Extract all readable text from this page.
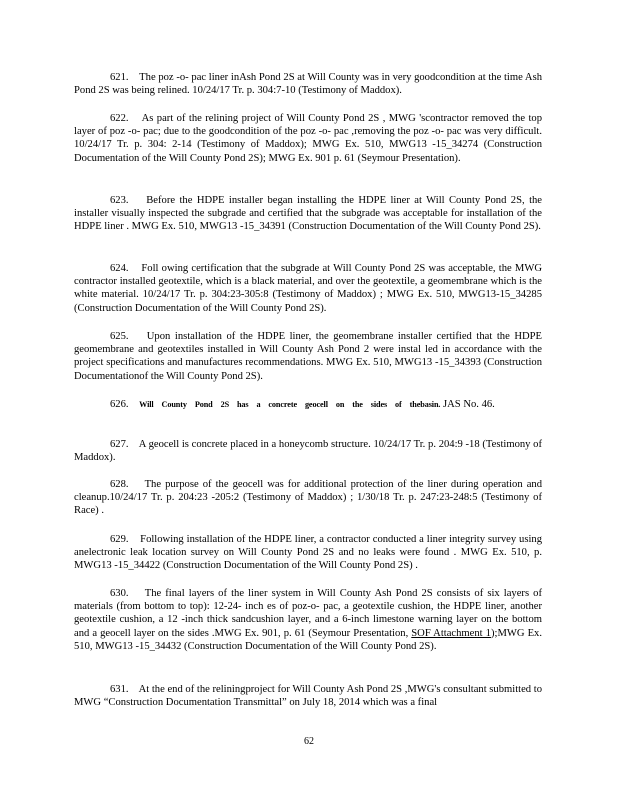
621. The poz -o- pac liner inAsh Pond 2S at Will County was in very goodcondition at the time Ash Pond 2S was being relined. 10/24/17 Tr. p. 304:7-10 (Testimony of Maddox).

622. As part of the relining project of Will County Pond 2S , MWG 'scontractor removed the top layer of poz -o- pac; due to the goodcondition of the poz -o- pac ,removing the poz -o- pac was very difficult. 10/24/17 Tr. p. 304: 2-14 (Testimony of Maddox); MWG Ex. 510, MWG13 -15_34274 (Construction Documentation of the Will County Pond 2S); MWG Ex. 901 p. 61 (Seymour Presentation).

623. Before the HDPE installer began installing the HDPE liner at Will County Pond 2S, the installer visually inspected the subgrade and certified that the subgrade was acceptable for installation of the HDPE liner . MWG Ex. 510, MWG13 -15_34391 (Construction Documentation of the Will County Pond 2S).

624. Foll owing certification that the subgrade at Will County Pond 2S was acceptable, the MWG contractor installed geotextile, which is a black material, and over the geotextile, a geomembrane which is the white material. 10/24/17 Tr. p. 304:23-305:8 (Testimony of Maddox) ; MWG Ex. 510, MWG13-15_34285 (Construction Documentation of the Will County Pond 2S).

625. Upon installation of the HDPE liner, the geomembrane installer certified that the HDPE geomembrane and geotextiles installed in Will County Ash Pond 2 were instal led in accordance with the project specifications and manufactures recommendations. MWG Ex. 510, MWG13 -15_34393 (Construction Documentationof the Will County Pond 2S).

626. Will County Pond 2S has a concrete geocell on the sides of thebasin. JAS No. 46.

627. A geocell is concrete placed in a honeycomb structure. 10/24/17 Tr. p. 204:9 -18 (Testimony of Maddox).

628. The purpose of the geocell was for additional protection of the liner during operation and cleanup.10/24/17 Tr. p. 204:23 -205:2 (Testimony of Maddox) ; 1/30/18 Tr. p. 247:23-248:5 (Testimony of Race) .

629. Following installation of the HDPE liner, a contractor conducted a liner integrity survey using anelectronic leak location survey on Will County Pond 2S and no leaks were found . MWG Ex. 510, p. MWG13 -15_34422 (Construction Documentation of the Will County Pond 2S) .

630. The final layers of the liner system in Will County Ash Pond 2S consists of six layers of materials (from bottom to top): 12-24- inch es of poz-o- pac, a geotextile cushion, the HDPE liner, another geotextile cushion, a 12 -inch thick sandcushion layer, and a 6-inch limestone warning layer on the bottom and a geocell layer on the sides .MWG Ex. 901, p. 61 (Seymour Presentation, SOF Attachment 1);MWG Ex. 510, MWG13 -15_34432 (Construction Documentation of the Will County Pond 2S).

631. At the end of the reliningproject for Will County Ash Pond 2S ,MWG's consultant submitted to MWG “Construction Documentation Transmittal” on July 18, 2014 which was a final

62
